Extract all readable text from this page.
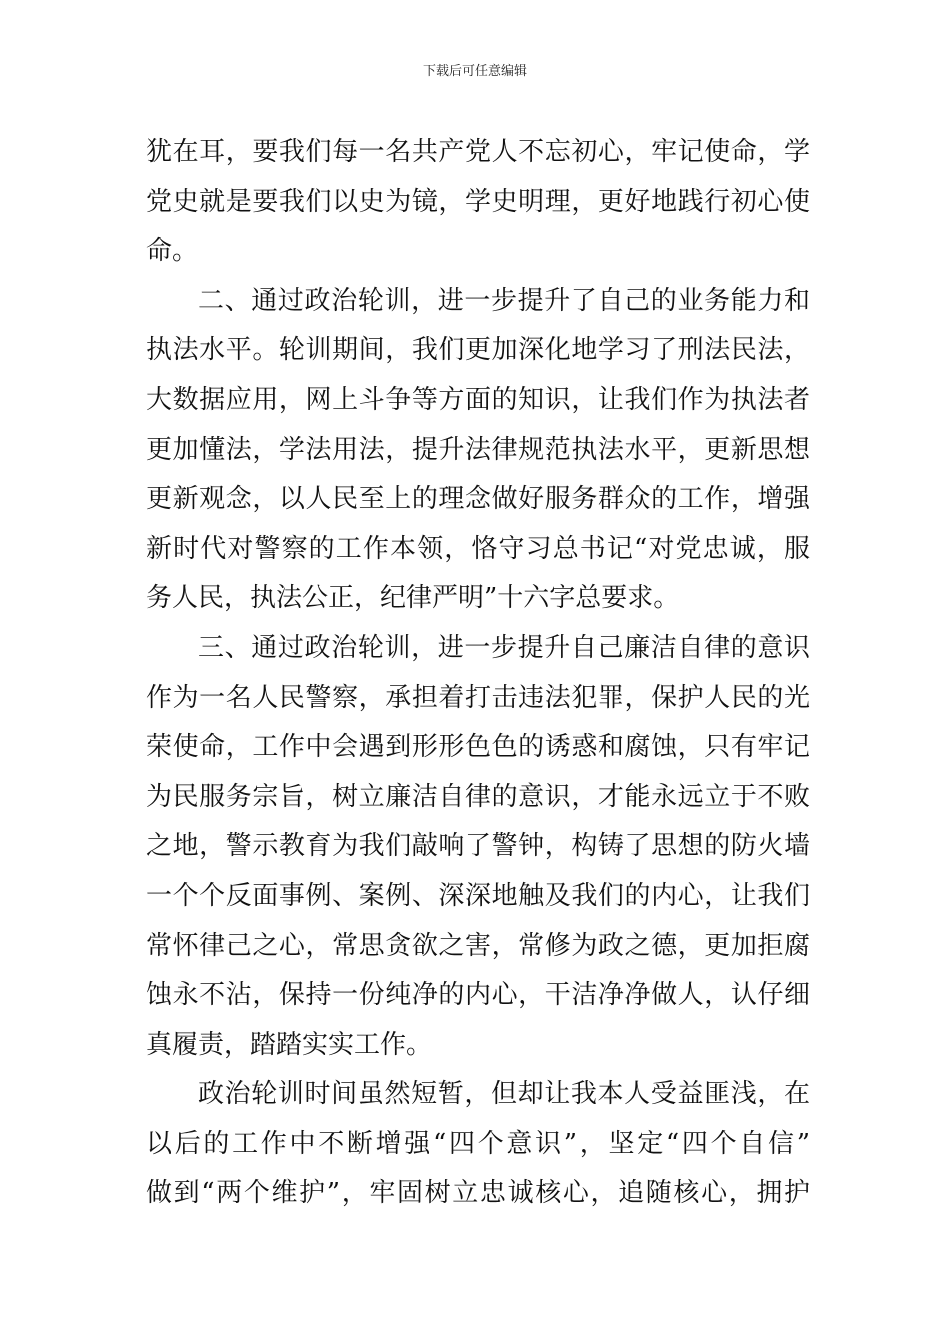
下载后可任意编辑
犹在耳，要我们每一名共产党人不忘初心，牢记使命，学
党史就是要我们以史为镜，学史明理，更好地践行初心使
命。
二、通过政治轮训，进一步提升了自己的业务能力和
执法水平。轮训期间，我们更加深化地学习了刑法民法，
大数据应用，网上斗争等方面的知识，让我们作为执法者
更加懂法，学法用法，提升法律规范执法水平，更新思想
更新观念，以人民至上的理念做好服务群众的工作，增强
新时代对警察的工作本领，恪守习总书记“对党忠诚，服
务人民，执法公正，纪律严明”十六字总要求。
三、通过政治轮训，进一步提升自己廉洁自律的意识
作为一名人民警察，承担着打击违法犯罪，保护人民的光
荣使命，工作中会遇到形形色色的诱惑和腐蚀，只有牢记
为民服务宗旨，树立廉洁自律的意识，才能永远立于不败
之地，警示教育为我们敲响了警钟，构铸了思想的防火墙
一个个反面事例、案例、深深地触及我们的内心，让我们
常怀律己之心，常思贪欲之害，常修为政之德，更加拒腐
蚀永不沾，保持一份纯净的内心，干洁净净做人，认仔细
真履责，踏踏实实工作。
政治轮训时间虽然短暂，但却让我本人受益匪浅，在
以后的工作中不断增强“四个意识”，坚定“四个自信”
做到“两个维护”，牢固树立忠诚核心，追随核心，拥护
